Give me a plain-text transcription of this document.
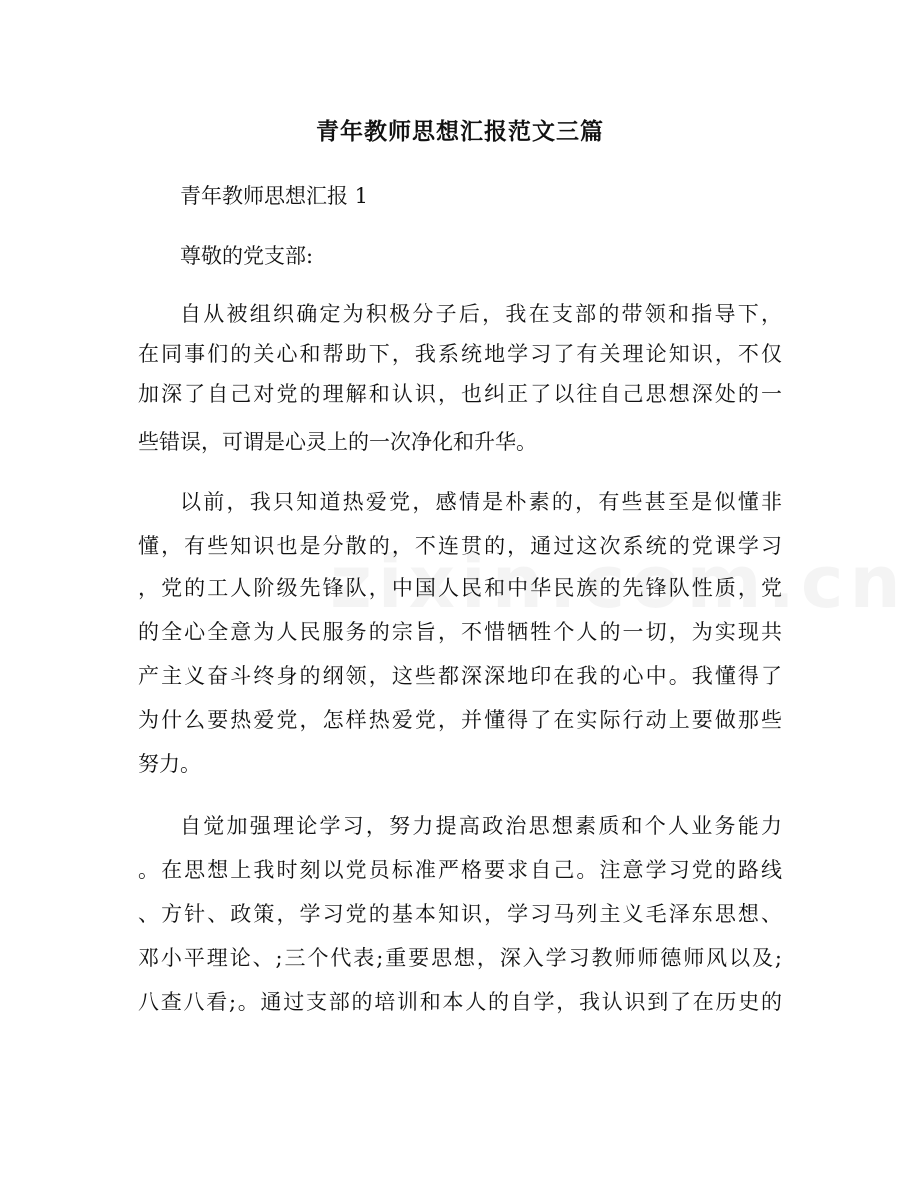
青年教师思想汇报范文三篇

青年教师思想汇报 1

尊敬的党支部:

自从被组织确定为积极分子后，我在支部的带领和指导下，

在同事们的关心和帮助下，我系统地学习了有关理论知识，不仅

加深了自己对党的理解和认识，也纠正了以往自己思想深处的一

些错误，可谓是心灵上的一次净化和升华。

以前，我只知道热爱党，感情是朴素的，有些甚至是似懂非

懂，有些知识也是分散的，不连贯的，通过这次系统的党课学习

，党的工人阶级先锋队，中国人民和中华民族的先锋队性质，党

的全心全意为人民服务的宗旨，不惜牺牲个人的一切，为实现共

产主义奋斗终身的纲领，这些都深深地印在我的心中。我懂得了

为什么要热爱党，怎样热爱党，并懂得了在实际行动上要做那些

努力。

自觉加强理论学习，努力提高政治思想素质和个人业务能力

。在思想上我时刻以党员标准严格要求自己。注意学习党的路线

、方针、政策，学习党的基本知识，学习马列主义毛泽东思想、

邓小平理论、;三个代表;重要思想，深入学习教师师德师风以及;

八查八看;。通过支部的培训和本人的自学，我认识到了在历史的
